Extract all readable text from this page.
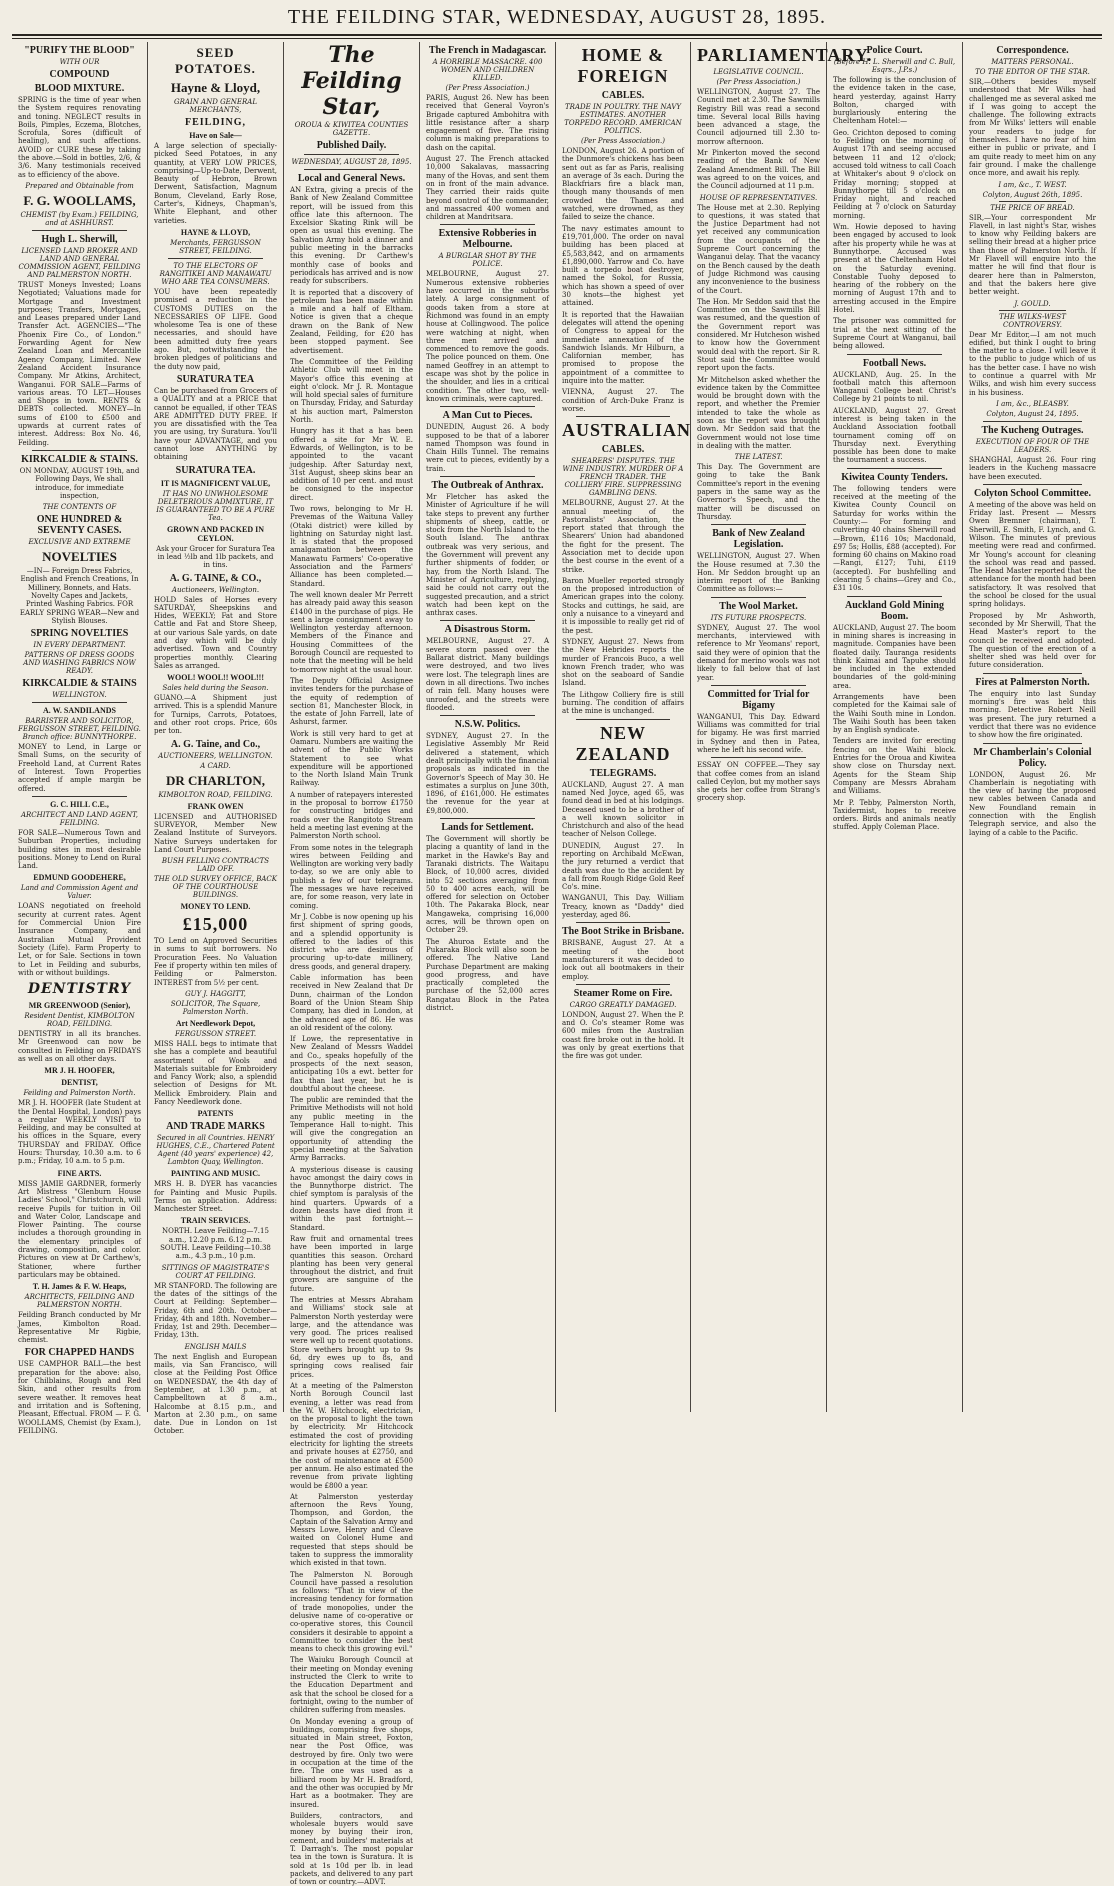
THE FEILDING STAR, WEDNESDAY, AUGUST 28, 1895.
"PURIFY THE BLOOD"
WITH OUR
COMPOUND
BLOOD MIXTURE.

SPRING is the time of year when the System requires renovating and toning. NEGLECT results in Boils, Pimples, Eczema, Blotches, Scrofula, Sores (difficult of healing), and such affections. AVOID or CURE these by taking the above.—Sold in bottles, 2/6, & 3/6. Many testimonials received as to efficiency of the above.

Prepared and Obtainable from
F. G. WOOLLAMS,
CHEMIST (by Exam.) FEILDING, and at ASHHURST.
Hugh L. Sherwill,
LICENSED LAND BROKER AND LAND AND GENERAL COMMISSION AGENT, FEILDING AND PALMERSTON NORTH.

TRUST Moneys Invested; Loans Negotiated; Valuations made for Mortgage and Investment purposes; Transfers, Mortgages, and Leases prepared under Land Transfer Act. AGENCIES—"The Phoenix Fire Co., of London." Forwarding Agent for New Zealand Loan and Mercantile Agency Company, Limited. New Zealand Accident Insurance Company. Mr Atkins, Architect, Wanganui. FOR SALE—Farms of various areas. TO LET—Houses and Shops in town. RENTS & DEBTS collected. MONEY—In sums of £100 to £500 and upwards at current rates of interest. Address: Box No. 46, Feilding.

KIRKCALDIE & STAINS.

ON MONDAY, AUGUST 19th, and Following Days, We shall introduce, for immediate inspection,

THE CONTENTS OF
ONE HUNDRED & SEVENTY CASES.
EXCLUSIVE AND EXTREME
NOVELTIES

—IN— Foreign Dress Fabrics, English and French Creations, In Millinery, Bonnets, and Hats. Novelty Capes and Jackets, Printed Washing Fabrics. FOR EARLY SPRING WEAR—New and Stylish Blouses.

SPRING NOVELTIES
IN EVERY DEPARTMENT.
PATTERNS OF DRESS GOODS AND WASHING FABRICS NOW READY.
KIRKCALDIE & STAINS
WELLINGTON.
A. W. SANDILANDS
BARRISTER AND SOLICITOR, FERGUSSON STREET, FEILDING. Branch office: BUNNYTHORPE.

MONEY to Lend, in Large or Small Sums, on the security of Freehold Land, at Current Rates of Interest. Town Properties accepted if ample margin be offered.

G. C. HILL C.E.,
ARCHITECT AND LAND AGENT, FEILDING.

FOR SALE—Numerous Town and Suburban Properties, including building sites in most desirable positions. Money to Lend on Rural Land.

EDMUND GOODEHERE,
Land and Commission Agent and Valuer.

LOANS negotiated on freehold security at current rates. Agent for Commercial Union Fire Insurance Company, and Australian Mutual Provident Society (Life). Farm Property to Let, or for Sale. Sections in town to Let in Feilding and suburbs, with or without buildings.

DENTISTRY
MR GREENWOOD (Senior),
Resident Dentist, KIMBOLTON ROAD, FEILDING.

DENTISTRY in all its branches. Mr Greenwood can now be consulted in Feilding on FRIDAYS as well as on all other days.

MR J. H. HOOFER,
DENTIST,
Feilding and Palmerston North.

MR J. H. HOOFER (late Student at the Dental Hospital, London) pays a regular WEEKLY VISIT to Feilding, and may be consulted at his offices in the Square, every THURSDAY and FRIDAY. Office Hours: Thursday, 10.30 a.m. to 6 p.m.; Friday, 10 a.m. to 5 p.m.

FINE ARTS.

MISS JAMIE GARDNER, formerly Art Mistress "Glenburn House Ladies' School," Christchurch, will receive Pupils for tuition in Oil and Water Color, Landscape and Flower Painting. The course includes a thorough grounding in the elementary principles of drawing, composition, and color. Pictures on view at Dr Carthew's, Stationer, where further particulars may be obtained.

T. H. James & F. W. Heaps,
ARCHITECTS, FEILDING AND PALMERSTON NORTH.

Feilding Branch conducted by Mr James, Kimbolton Road. Representative Mr Rigbie, chemist.

FOR CHAPPED HANDS

USE CAMPHOR BALL—the best preparation for the above: also, for Chilblains, Rough and Red Skin, and other results from severe weather. It removes heat and irritation and is Softening, Pleasant, Effectual. FROM — F. G. WOOLLAMS, Chemist (by Exam.), FEILDING.

SEED POTATOES.
Hayne & Lloyd,
GRAIN AND GENERAL MERCHANTS,
FEILDING,
Have on Sale—

A large selection of specially-picked Seed Potatoes, in any quantity, at VERY LOW PRICES, comprising—Up-to-Date, Derwent, Beauty of Hebron, Brown Derwent, Satisfaction, Magnum Bonum, Cleveland, Early Rose, Carter's, Kidneys, Chapman's, White Elephant, and other varieties.

HAYNE & LLOYD,
Merchants, FERGUSSON STREET, FEILDING.
TO THE ELECTORS OF RANGITIKEI AND MANAWATU WHO ARE TEA CONSUMERS.

YOU have been repeatedly promised a reduction in the CUSTOMS DUTIES on the NECESSARIES OF LIFE. Good wholesome Tea is one of these necessaries, and should have been admitted duty free years ago. But, notwithstanding the broken pledges of politicians and the duty now paid,

SURATURA TEA

Can be purchased from Grocers of a QUALITY and at a PRICE that cannot be equalled, if other TEAS ARE ADMITTED DUTY FREE. If you are dissatisfied with the Tea you are using, try Suratura. You'll have your ADVANTAGE, and you cannot lose ANYTHING by obtaining

SURATURA TEA.
IT IS MAGNIFICENT VALUE,
IT HAS NO UNWHOLESOME DELETERIOUS ADMIXTURE, IT IS GUARANTEED TO BE A PURE Tea.
GROWN AND PACKED IN CEYLON.

Ask your Grocer for Suratura Tea in lead ½lb and 1lb packets, and in tins.

A. G. TAINE, & CO.,
Auctioneers, Wellington.

HOLD Sales of Horses every SATURDAY, Sheepskins and Hides, WEEKLY; Fat and Store Cattle and Fat and Store Sheep, at our various Sale yards, on date and day which will be duly advertised. Town and Country properties monthly. Clearing Sales as arranged.

WOOL! WOOL!! WOOL!!!
Sales held during the Season.

GUANO.—A Shipment just arrived. This is a splendid Manure for Turnips, Carrots, Potatoes, and other root crops. Price, 60s per ton.

A. G. Taine, and Co.,
AUCTIONEERS, WELLINGTON.
A CARD.
DR CHARLTON,
KIMBOLTON ROAD, FEILDING.
FRANK OWEN

LICENSED and AUTHORISED SURVEYOR, Member New Zealand Institute of Surveyors. Native Surveys undertaken for Land Court Purposes.

BUSH FELLING CONTRACTS LAID OFF.
THE OLD SURVEY OFFICE, BACK OF THE COURTHOUSE BUILDINGS.
MONEY TO LEND.
£15,000

TO Lend on Approved Securities in sums to suit borrowers. No Procuration Fees. No Valuation Fee if property within ten miles of Feilding or Palmerston. INTEREST from 5½ per cent.

GUY J. HAGGITT,
SOLICITOR, The Square, Palmerston North.
Art Needlework Depot,
FERGUSSON STREET.

MISS HALL begs to intimate that she has a complete and beautiful assortment of Wools and Materials suitable for Embroidery and Fancy Work; also, a splendid selection of Designs for Mt. Mellick Embroidery. Plain and Fancy Needlework done.

PATENTS
AND TRADE MARKS
Secured in all Countries. HENRY HUGHES, C.E., Chartered Patent Agent (40 years' experience) 42, Lambton Quay, Wellington.
PAINTING AND MUSIC.

MRS H. B. DYER has vacancies for Painting and Music Pupils. Terms on application. Address: Manchester Street.

TRAIN SERVICES.

NORTH. Leave Feilding—7.15 a.m., 12.20 p.m. 6.12 p.m. SOUTH. Leave Feilding—10.38 a.m., 4.3 p.m., 10 p.m.

SITTINGS OF MAGISTRATE'S COURT AT FEILDING.

MR STANFORD. The following are the dates of the sittings of the Court at Feilding: September— Friday, 6th and 20th. October— Friday, 4th and 18th. November— Friday, 1st and 29th. December— Friday, 13th.

ENGLISH MAILS

The next English and European mails, via San Francisco, will close at the Feilding Post Office on WEDNESDAY, the 4th day of September, at 1.30 p.m., at Campbelltown at 8 a.m., Halcombe at 8.15 p.m., and Marton at 2.30 p.m., on same date. Due in London on 1st October.

The Feilding Star,
OROUA & KIWITEA COUNTIES GAZETTE.
Published Daily.
WEDNESDAY, AUGUST 28, 1895.
Local and General News.

AN Extra, giving a precis of the Bank of New Zealand Committee report, will be issued from this office late this afternoon. The Excelsior Skating Rink will be open as usual this evening. The Salvation Army hold a dinner and public meeting in the barracks this evening. Dr Carthew's monthly case of books and periodicals has arrived and is now ready for subscribers.

It is reported that a discovery of petroleum has been made within a mile and a half of Eltham. Notice is given that a cheque drawn on the Bank of New Zealand, Feilding, for £20 has been stopped payment. See advertisement.

The Committee of the Feilding Athletic Club will meet in the Mayor's office this evening at eight o'clock. Mr J. R. Montague will hold special sales of furniture on Thursday, Friday, and Saturday at his auction mart, Palmerston North.

Hungry has it that a has been offered a site for Mr W. E. Edwards, of Wellington, is to be appointed to the vacant judgeship. After Saturday next, 31st August, sheep skins bear an addition of 10 per cent. and must be consigned to the inspector direct.

Two rows, belonging to Mr H. Prevemas of the Waituna Valley (Otaki district) were killed by lightning on Saturday night last. It is stated that the proposed amalgamation between the Manawatu Farmers' Co-operative Association and the Farmers' Alliance has been completed.—Standard.

The well known dealer Mr Perrett has already paid away this season £1400 in the purchase of pigs. He sent a large consignment away to Wellington yesterday afternoon. Members of the Finance and Housing Committees of the Borough Council are requested to note that the meeting will be held to-morrow night at the usual hour.

The Deputy Official Assignee invites tenders for the purchase of the equity of redemption of section 81, Manchester Block, in the estate of John Farrell, late of Ashurst, farmer.

Work is still very hard to get at Oamaru. Numbers are waiting the advent of the Public Works Statement to see what expenditure will be apportioned to the North Island Main Trunk Railway.

A number of ratepayers interested in the proposal to borrow £1750 for constructing bridges and roads over the Rangitoto Stream held a meeting last evening at the Palmerston North school.

From some notes in the telegraph wires between Feilding and Wellington are working very badly to-day, so we are only able to publish a few of our telegrams. The messages we have received are, for some reason, very late in coming.

Mr J. Cobbe is now opening up his first shipment of spring goods, and a splendid opportunity is offered to the ladies of this district who are desirous of procuring up-to-date millinery, dress goods, and general drapery.

Cable information has been received in New Zealand that Dr Dunn, chairman of the London Board of the Union Steam Ship Company, has died in London, at the advanced age of 86. He was an old resident of the colony.

If Lowe, the representative in New Zealand of Messrs Waddel and Co., speaks hopefully of the prospects of the next season, anticipating 10s a ewt. better for flax than last year, but he is doubtful about the cheese.

The public are reminded that the Primitive Methodists will not hold any public meeting in the Temperance Hall to-night. This will give the congregation an opportunity of attending the special meeting at the Salvation Army Barracks.

A mysterious disease is causing havoc amongst the dairy cows in the Bunnythorpe district. The chief symptom is paralysis of the hind quarters. Upwards of a dozen beasts have died from it within the past fortnight.—Standard.

Raw fruit and ornamental trees have been imported in large quantities this season. Orchard planting has been very general throughout the district, and fruit growers are sanguine of the future.

The entries at Messrs Abraham and Williams' stock sale at Palmerston North yesterday were large, and the attendance was very good. The prices realised were well up to recent quotations. Store wethers brought up to 9s 6d, dry ewes up to 8s, and springing cows realised fair prices.

At a meeting of the Palmerston North Borough Council last evening, a letter was read from the W. W. Hitchcock, electrician, on the proposal to light the town by electricity. Mr Hitchcock estimated the cost of providing electricity for lighting the streets and private houses at £2750, and the cost of maintenance at £500 per annum. He also estimated the revenue from private lighting would be £800 a year.

At Palmerston yesterday afternoon the Revs Young, Thompson, and Gordon, the Captain of the Salvation Army and Messrs Lowe, Henry and Cleave waited on Colonel Hume and requested that steps should be taken to suppress the immorality which existed in that town.

The Palmerston N. Borough Council have passed a resolution as follows: "That in view of the increasing tendency for formation of trade monopolies, under the delusive name of co-operative or co-operative stores, this Council considers it desirable to appoint a Committee to consider the best means to check this growing evil."

The Waiuku Borough Council at their meeting on Monday evening instructed the Clerk to write to the Education Department and ask that the school be closed for a fortnight, owing to the number of children suffering from measles.

On Monday evening a group of buildings, comprising five shops, situated in Main street, Foxton, near the Post Office, was destroyed by fire. Only two were in occupation at the time of the fire. The one was used as a billiard room by Mr H. Bradford, and the other was occupied by Mr Hart as a bootmaker. They are insured.

Builders, contractors, and wholesale buyers would save money by buying their iron, cement, and builders' materials at T. Darragh's. The most popular tea in the town is Suratura. It is sold at 1s 10d per lb. in lead packets, and delivered to any part of town or country.—ADVT.

The French in Madagascar.
A HORRIBLE MASSACRE. 400 WOMEN AND CHILDREN KILLED.
(Per Press Association.)

PARIS, August 26. New has been received that General Voyron's Brigade captured Ambohitra with little resistance after a sharp engagement of five. The rising column is making preparations to dash on the capital.

August 27. The French attacked 10,000 Sakalavas, massacring many of the Hovas, and sent them on in front of the main advance. They carried their raids quite beyond control of the commander, and massacred 400 women and children at Mandritsara.

Extensive Robberies in Melbourne.
A BURGLAR SHOT BY THE POLICE.

MELBOURNE, August 27. Numerous extensive robberies have occurred in the suburbs lately. A large consignment of goods taken from a store at Richmond was found in an empty house at Collingwood. The police were watching at night, when three men arrived and commenced to remove the goods. The police pounced on them. One named Geoffrey in an attempt to escape was shot by the police in the shoulder, and lies in a critical condition. The other two, well-known criminals, were captured.

A Man Cut to Pieces.

DUNEDIN, August 26. A body supposed to be that of a laborer named Thompson was found in Chain Hills Tunnel. The remains were cut to pieces, evidently by a train.

The Outbreak of Anthrax.

Mr Fletcher has asked the Minister of Agriculture if he will take steps to prevent any further shipments of sheep, cattle, or stock from the North Island to the South Island. The anthrax outbreak was very serious, and the Government will prevent any further shipments of fodder, or hay, from the North Island. The Minister of Agriculture, replying, said he could not carry out the suggested precaution, and a strict watch had been kept on the anthrax cases.

A Disastrous Storm.

MELBOURNE, August 27. A severe storm passed over the Ballarat district. Many buildings were destroyed, and two lives were lost. The telegraph lines are down in all directions. Two inches of rain fell. Many houses were unroofed, and the streets were flooded.

N.S.W. Politics.

SYDNEY, August 27. In the Legislative Assembly Mr Reid delivered a statement, which dealt principally with the financial proposals as indicated in the Governor's Speech of May 30. He estimates a surplus on June 30th, 1896, of £161,000. He estimates the revenue for the year at £9,800,000.

Lands for Settlement.

The Government will shortly be placing a quantity of land in the market in the Hawke's Bay and Taranaki districts. The Waitapu Block, of 10,000 acres, divided into 52 sections averaging from 50 to 400 acres each, will be offered for selection on October 10th. The Pakaraka Block, near Mangaweka, comprising 16,000 acres, will be thrown open on October 29.

The Ahuroa Estate and the Pukaraka Block will also soon be offered. The Native Land Purchase Department are making good progress, and have practically completed the purchase of the 52,000 acres Rangatau Block in the Patea district.

HOME & FOREIGN
CABLES.
TRADE IN POULTRY. THE NAVY ESTIMATES. ANOTHER TORPEDO RECORD. AMERICAN POLITICS.
(Per Press Association.)

LONDON, August 26. A portion of the Dunmore's chickens has been sent out as far as Paris, realising an average of 3s each. During the Blackfriars fire a black man, though many thousands of men crowded the Thames and watched, were drowned, as they failed to seize the chance.

The navy estimates amount to £19,701,000. The order on naval building has been placed at £5,583,842, and on armaments £1,890,000. Yarrow and Co. have built a torpedo boat destroyer, named the Sokol, for Russia, which has shown a speed of over 30 knots—the highest yet attained.

It is reported that the Hawaiian delegates will attend the opening of Congress to appeal for the immediate annexation of the Sandwich Islands. Mr Hilburn, a Californian member, has promised to propose the appointment of a committee to inquire into the matter.

VIENNA, August 27. The condition of Arch-Duke Franz is worse.

AUSTRALIAN
CABLES.
SHEARERS' DISPUTES. THE WINE INDUSTRY. MURDER OF A FRENCH TRADER. THE COLLIERY FIRE. SUPPRESSING GAMBLING DENS.

MELBOURNE, August 27. At the annual meeting of the Pastoralists' Association, the report stated that through the Shearers' Union had abandoned the fight for the present. The Association met to decide upon the best course in the event of a strike.

Baron Mueller reported strongly on the proposed introduction of American grapes into the colony. Stocks and cuttings, he said, are only a nuisance to a vineyard and it is impossible to really get rid of the pest.

SYDNEY, August 27. News from the New Hebrides reports the murder of Francois Buco, a well known French trader, who was shot on the seaboard of Sandie Island.

The Lithgow Colliery fire is still burning. The condition of affairs at the mine is unchanged.

NEW ZEALAND
TELEGRAMS.

AUCKLAND, August 27. A man named Ned Joyce, aged 65, was found dead in bed at his lodgings. Deceased used to be a brother of a well known solicitor in Christchurch and also of the head teacher of Nelson College.

DUNEDIN, August 27. In reporting on Archibald McEwan, the jury returned a verdict that death was due to the accident by a fall from Rough Ridge Gold Reef Co's. mine.

WANGANUI, This Day. William Treacy, known as "Daddy" died yesterday, aged 86.

The Boot Strike in Brisbane.

BRISBANE, August 27. At a meeting of the boot manufacturers it was decided to lock out all bootmakers in their employ.

Steamer Rome on Fire.
CARGO GREATLY DAMAGED.

LONDON, August 27. When the P. and O. Co's steamer Rome was 600 miles from the Australian coast fire broke out in the hold. It was only by great exertions that the fire was got under.

PARLIAMENTARY.
LEGISLATIVE COUNCIL.
(Per Press Association.)

WELLINGTON, August 27. The Council met at 2.30. The Sawmills Registry Bill was read a second time. Several local Bills having been advanced a stage, the Council adjourned till 2.30 to-morrow afternoon.

Mr Pinkerton moved the second reading of the Bank of New Zealand Amendment Bill. The Bill was agreed to on the voices, and the Council adjourned at 11 p.m.

HOUSE OF REPRESENTATIVES.

The House met at 2.30. Replying to questions, it was stated that the Justice Department had not yet received any communication from the occupants of the Supreme Court concerning the Wanganui delay. That the vacancy on the Bench caused by the death of Judge Richmond was causing any inconvenience to the business of the Court.

The Hon. Mr Seddon said that the Committee on the Sawmills Bill was resumed, and the question of the Government report was considered. Mr Hutcheson wished to know how the Government would deal with the report. Sir R. Stout said the Committee would report upon the facts.

Mr Mitchelson asked whether the evidence taken by the Committee would be brought down with the report, and whether the Premier intended to take the whole as soon as the report was brought down. Mr Seddon said that the Government would not lose time in dealing with the matter.

THE LATEST.

This Day. The Government are going to take the Bank Committee's report in the evening papers in the same way as the Governor's Speech, and the matter will be discussed on Thursday.

Bank of New Zealand Legislation.

WELLINGTON, August 27. When the House resumed at 7.30 the Hon. Mr Seddon brought up an interim report of the Banking Committee as follows:—

The Wool Market.
ITS FUTURE PROSPECTS.

SYDNEY, August 27. The wool merchants, interviewed with reference to Mr Yeomans' report, said they were of opinion that the demand for merino wools was not likely to fall below that of last year.

Committed for Trial for Bigamy

WANGANUI, This Day. Edward Williams was committed for trial for bigamy. He was first married in Sydney and then in Patea, where he left his second wife.

ESSAY ON COFFEE.—They say that coffee comes from an island called Ceylon, but my mother says she gets her coffee from Strang's grocery shop.

Police Court.
(Before H. L. Sherwill and C. Bull, Esqrs., J.P.s.)

The following is the conclusion of the evidence taken in the case, heard yesterday, against Harry Bolton, charged with burglariously entering the Cheltenham Hotel:—

Geo. Crichton deposed to coming to Feilding on the morning of August 17th and seeing accused between 11 and 12 o'clock; accused told witness to call Coach at Whitaker's about 9 o'clock on Friday morning; stopped at Bunnythorpe till 5 o'clock on Friday night, and reached Feilding at 7 o'clock on Saturday morning.

Wm. Howie deposed to having been engaged by accused to look after his property while he was at Bunnythorpe. Accused was present at the Cheltenham Hotel on the Saturday evening. Constable Tuohy deposed to hearing of the robbery on the morning of August 17th and to arresting accused in the Empire Hotel.

The prisoner was committed for trial at the next sitting of the Supreme Court at Wanganui, bail being allowed.

Football News.

AUCKLAND, Aug. 25. In the football match this afternoon Wanganui College beat Christ's College by 21 points to nil.

AUCKLAND, August 27. Great interest is being taken in the Auckland Association football tournament coming off on Thursday next. Everything possible has been done to make the tournament a success.

Kiwitea County Tenders.

The following tenders were received at the meeting of the Kiwitea County Council on Saturday for works within the County:— For forming and culverting 40 chains Sherwill road—Brown, £116 10s; Macdonald, £97 5s; Hollis, £88 (accepted). For forming 60 chains on Makino road—Rangi, £127; Tuhi, £119 (accepted). For bushfelling and clearing 5 chains—Grey and Co., £31 10s.

Auckland Gold Mining Boom.

AUCKLAND, August 27. The boom in mining shares is increasing in magnitude. Companies have been floated daily. Tauranga residents think Kaimai and Tapuhe should be included in the extended boundaries of the gold-mining area.

Arrangements have been completed for the Kaimai sale of the Waihi South mine in London. The Waihi South has been taken by an English syndicate.

Tenders are invited for erecting fencing on the Waihi block. Entries for the Oroua and Kiwitea show close on Thursday next. Agents for the Steam Ship Company are Messrs Abraham and Williams.

Mr P. Tebby, Palmerston North, Taxidermist, hopes to receive orders. Birds and animals neatly stuffed. Apply Coleman Place.

Correspondence.
MATTERS PERSONAL.
TO THE EDITOR OF THE STAR.

SIR,—Others besides myself understood that Mr Wilks had challenged me as several asked me if I was going to accept the challenge. The following extracts from Mr Wilks' letters will enable your readers to judge for themselves. I have no fear of him either in public or private, and I am quite ready to meet him on any fair ground. I make the challenge once more, and await his reply.

I am, &c., T. WEST.
Colyton, August 26th, 1895.
THE PRICE OF BREAD.

SIR,—Your correspondent Mr Flavell, in last night's Star, wishes to know why Feilding bakers are selling their bread at a higher price than those of Palmerston North. If Mr Flavell will enquire into the matter he will find that flour is dearer here than in Palmerston, and that the bakers here give better weight.

J. GOULD.
THE WILKS-WEST CONTROVERSY.

Dear Mr Editor,—I am not much edified, but think I ought to bring the matter to a close. I will leave it to the public to judge which of us has the better case. I have no wish to continue a quarrel with Mr Wilks, and wish him every success in his business.

I am, &c., BLEASBY.
Colyton, August 24, 1895.
The Kucheng Outrages.
EXECUTION OF FOUR OF THE LEADERS.

SHANGHAI, August 26. Four ring leaders in the Kucheng massacre have been executed.

Colyton School Committee.

A meeting of the above was held on Friday last. Present — Messrs Owen Bremner (chairman), T. Sherwill, E. Smith, F. Lynch, and G. Wilson. The minutes of previous meeting were read and confirmed. Mr Young's account for cleaning the school was read and passed. The Head Master reported that the attendance for the month had been satisfactory. It was resolved that the school be closed for the usual spring holidays.

Proposed by Mr Ashworth, seconded by Mr Sherwill, That the Head Master's report to the council be received and adopted. The question of the erection of a shelter shed was held over for future consideration.

Fires at Palmerston North.

The enquiry into last Sunday morning's fire was held this morning. Detective Robert Neill was present. The jury returned a verdict that there was no evidence to show how the fire originated.

Mr Chamberlain's Colonial Policy.

LONDON, August 26. Mr Chamberlain is negotiating with the view of having the proposed new cables between Canada and New Foundland remain in connection with the English Telegraph service, and also the laying of a cable to the Pacific.
